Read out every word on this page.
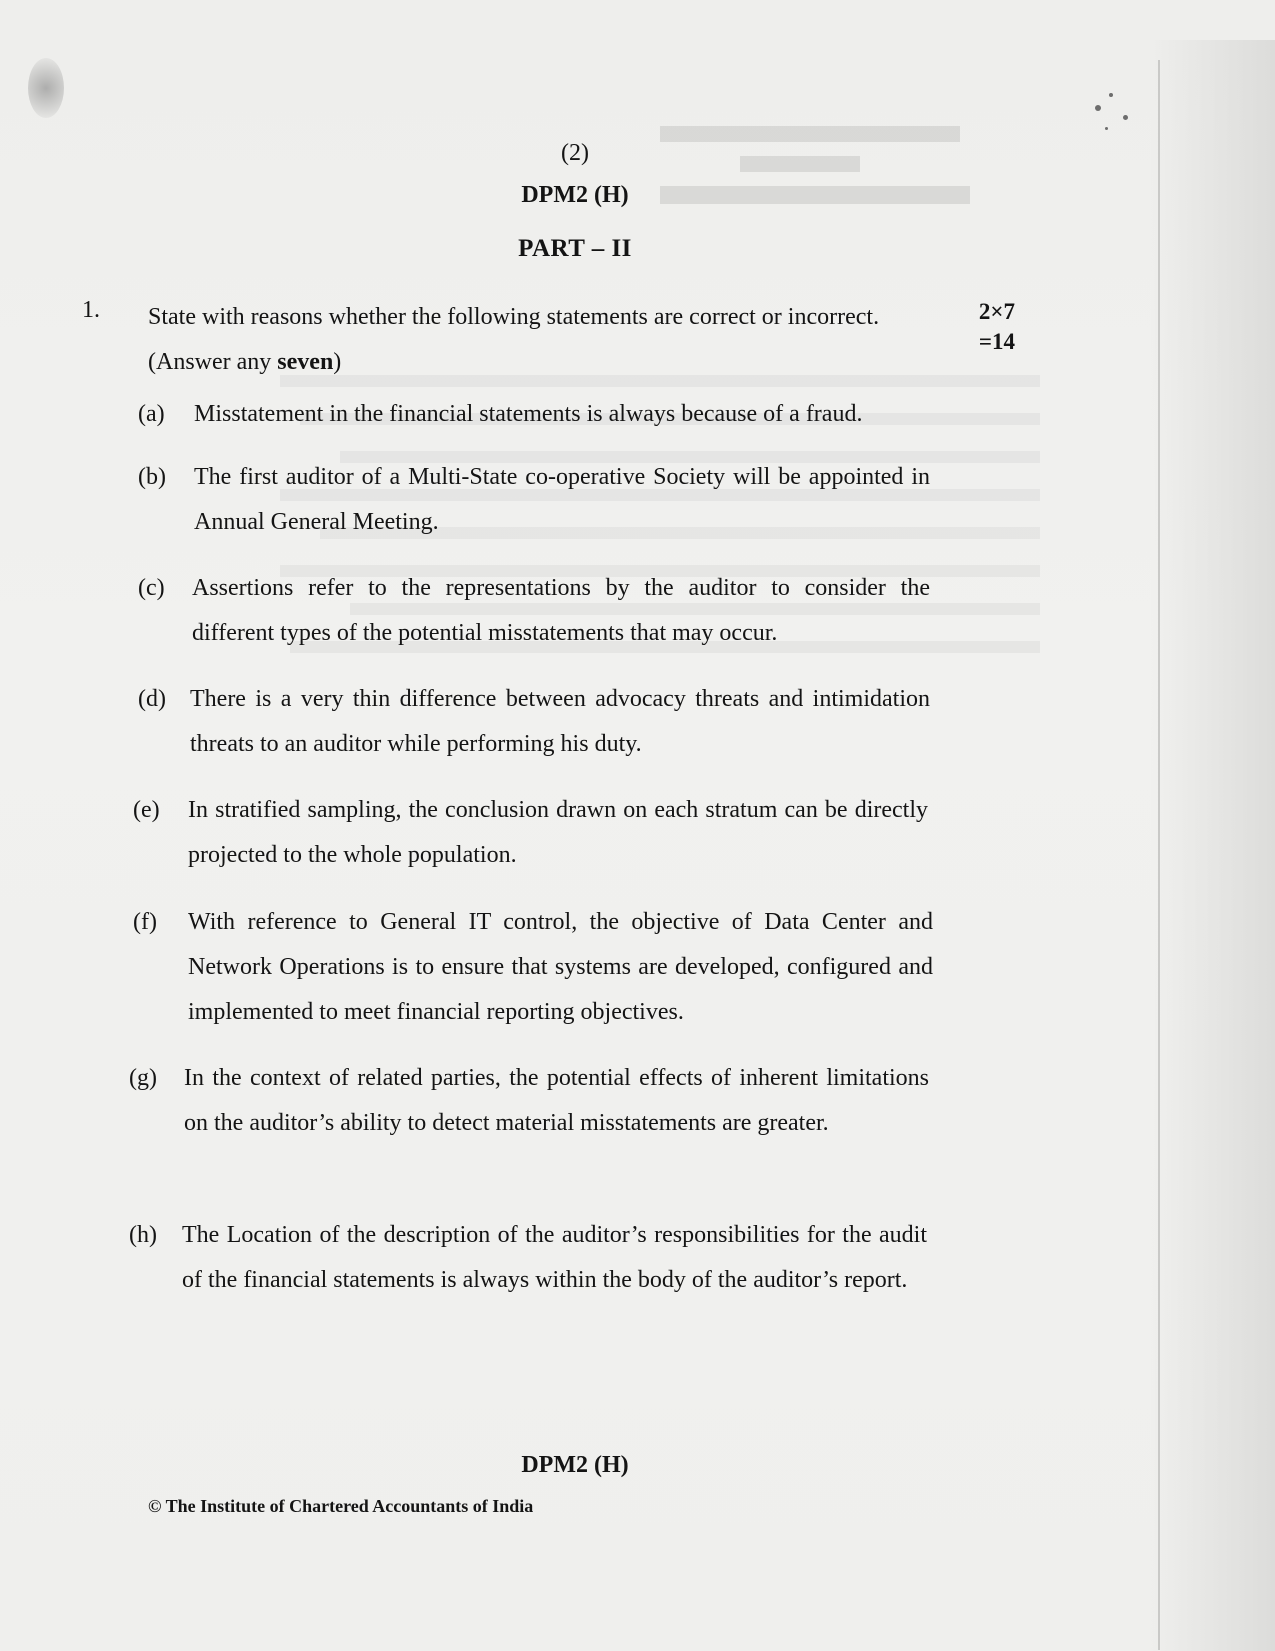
(2)
DPM2 (H)
PART – II
1. State with reasons whether the following statements are correct or incorrect.
(Answer any seven)
2×7
=14
(a) Misstatement in the financial statements is always because of a fraud.
(b) The first auditor of a Multi-State co-operative Society will be appointed in Annual General Meeting.
(c) Assertions refer to the representations by the auditor to consider the different types of the potential misstatements that may occur.
(d) There is a very thin difference between advocacy threats and intimidation threats to an auditor while performing his duty.
(e) In stratified sampling, the conclusion drawn on each stratum can be directly projected to the whole population.
(f) With reference to General IT control, the objective of Data Center and Network Operations is to ensure that systems are developed, configured and implemented to meet financial reporting objectives.
(g) In the context of related parties, the potential effects of inherent limitations on the auditor’s ability to detect material misstatements are greater.
(h) The Location of the description of the auditor’s responsibilities for the audit of the financial statements is always within the body of the auditor’s report.
DPM2 (H)
© The Institute of Chartered Accountants of India
